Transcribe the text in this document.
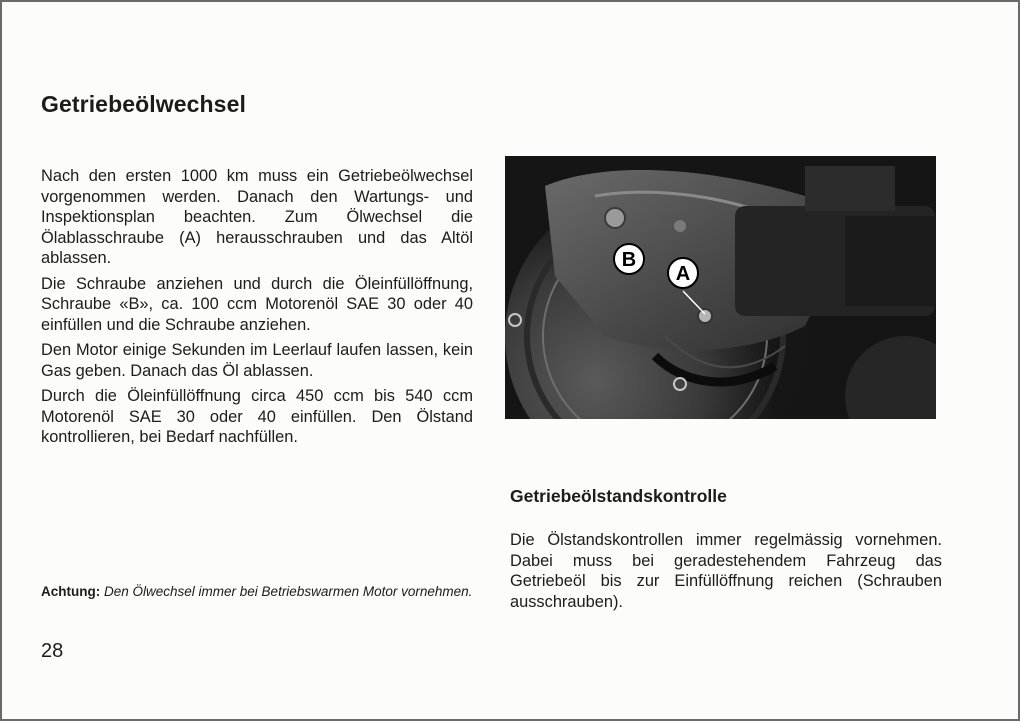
Getriebeölwechsel

Nach den ersten 1000 km muss ein Getriebeölwechsel vorgenommen werden. Danach den Wartungs- und Inspektionsplan beachten. Zum Ölwechsel die Ölablasschraube (A) herausschrauben und das Altöl ablassen.

Die Schraube anziehen und durch die Öleinfüllöffnung, Schraube «B», ca. 100 ccm Motorenöl SAE 30 oder 40 einfüllen und die Schraube anziehen.

Den Motor einige Sekunden im Leerlauf laufen lassen, kein Gas geben. Danach das Öl ablassen.

Durch die Öleinfüllöffnung circa 450 ccm bis 540 ccm Motorenöl SAE 30 oder 40 einfüllen. Den Ölstand kontrollieren, bei Bedarf nachfüllen.

Achtung: Den Ölwechsel immer bei Betriebswarmen Motor vornehmen.
28
B
A
Getriebeölstandskontrolle

Die Ölstandskontrollen immer regelmässig vornehmen. Dabei muss bei geradestehendem Fahrzeug das Getriebeöl bis zur Einfüllöffnung reichen (Schrauben ausschrauben).
